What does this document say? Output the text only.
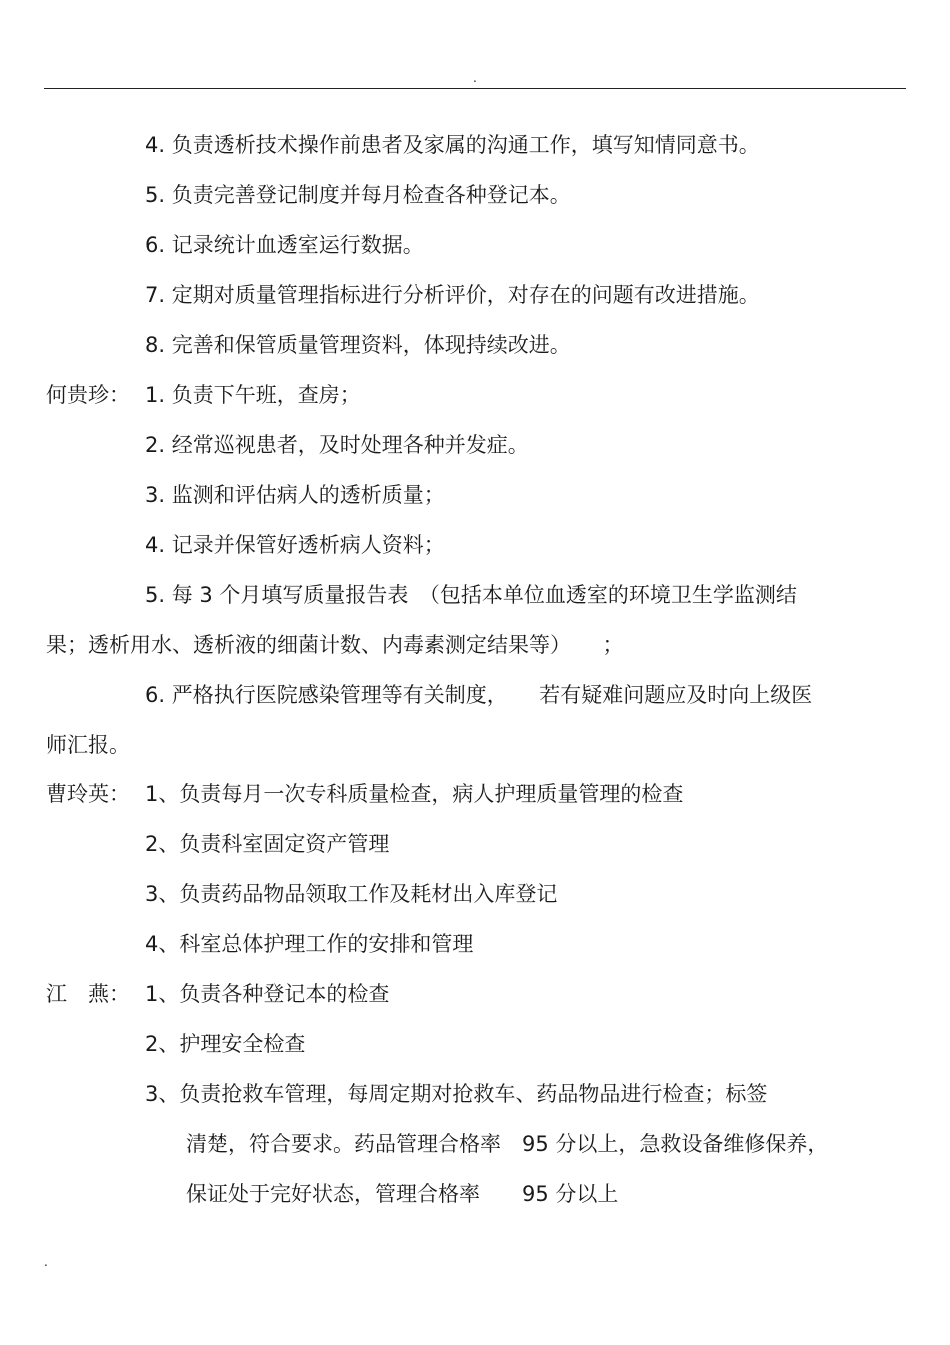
.
4. 负责透析技术操作前患者及家属的沟通工作，填写知情同意书。
5. 负责完善登记制度并每月检查各种登记本。
6. 记录统计血透室运行数据。
7. 定期对质量管理指标进行分析评价，对存在的问题有改进措施。
8. 完善和保管质量管理资料，体现持续改进。
何贵珍： 1. 负责下午班，查房；
2. 经常巡视患者，及时处理各种并发症。
3. 监测和评估病人的透析质量；
4. 记录并保管好透析病人资料；
5. 每 3 个月填写质量报告表　（包括本单位血透室的环境卫生学监测结
果；透析用水、透析液的细菌计数、内毒素测定结果等）　　；
6. 严格执行医院感染管理等有关制度，　　若有疑难问题应及时向上级医
师汇报。
曹玲英： 1、负责每月一次专科质量检查，病人护理质量管理的检查
2、负责科室固定资产管理
3、负责药品物品领取工作及耗材出入库登记
4、科室总体护理工作的安排和管理
江　燕： 1、负责各种登记本的检查
2、护理安全检查
3、负责抢救车管理，每周定期对抢救车、药品物品进行检查；标签
清楚，符合要求。药品管理合格率　95 分以上，急救设备维修保养，
保证处于完好状态，管理合格率　　95 分以上
.
